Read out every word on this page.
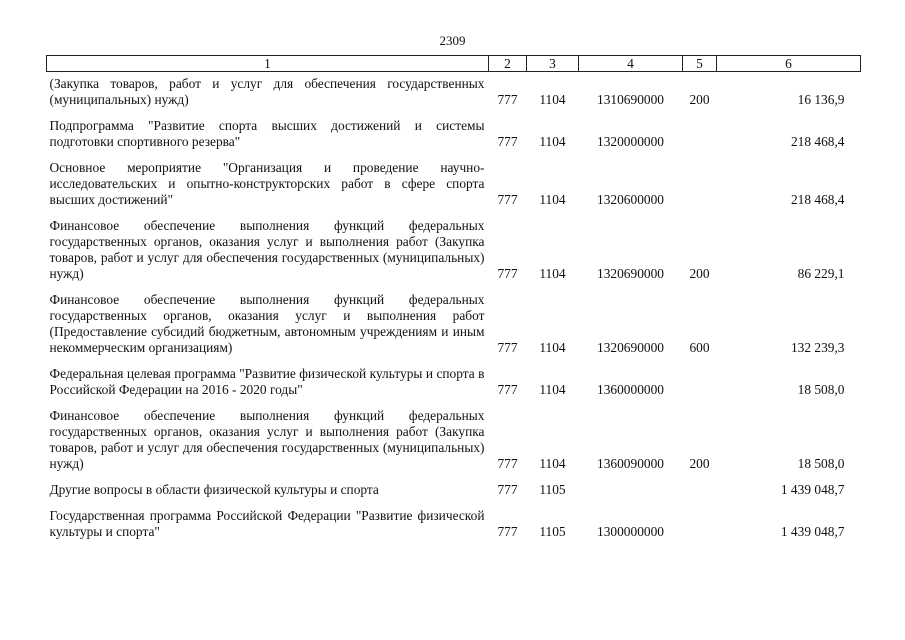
2309
1	2	3	4	5	6
(Закупка товаров, работ и услуг для обеспечения государственных (муниципальных) нужд)	777	1104	1310690000	200	16 136,9
Подпрограмма "Развитие спорта высших достижений и системы подготовки спортивного резерва"	777	1104	1320000000		218 468,4
Основное мероприятие "Организация и проведение научно-исследовательских и опытно-конструкторских работ в сфере спорта высших достижений"	777	1104	1320600000		218 468,4
Финансовое обеспечение выполнения функций федеральных государственных органов, оказания услуг и выполнения работ (Закупка товаров, работ и услуг для обеспечения государственных (муниципальных) нужд)	777	1104	1320690000	200	86 229,1
Финансовое обеспечение выполнения функций федеральных государственных органов, оказания услуг и выполнения работ (Предоставление субсидий бюджетным, автономным учреждениям и иным некоммерческим организациям)	777	1104	1320690000	600	132 239,3
Федеральная целевая программа "Развитие физической культуры и спорта в Российской Федерации на 2016 - 2020 годы"	777	1104	1360000000		18 508,0
Финансовое обеспечение выполнения функций федеральных государственных органов, оказания услуг и выполнения работ (Закупка товаров, работ и услуг для обеспечения государственных (муниципальных) нужд)	777	1104	1360090000	200	18 508,0
Другие вопросы в области физической культуры и спорта	777	1105			1 439 048,7
Государственная программа Российской Федерации "Развитие физической культуры и спорта"	777	1105	1300000000		1 439 048,7
